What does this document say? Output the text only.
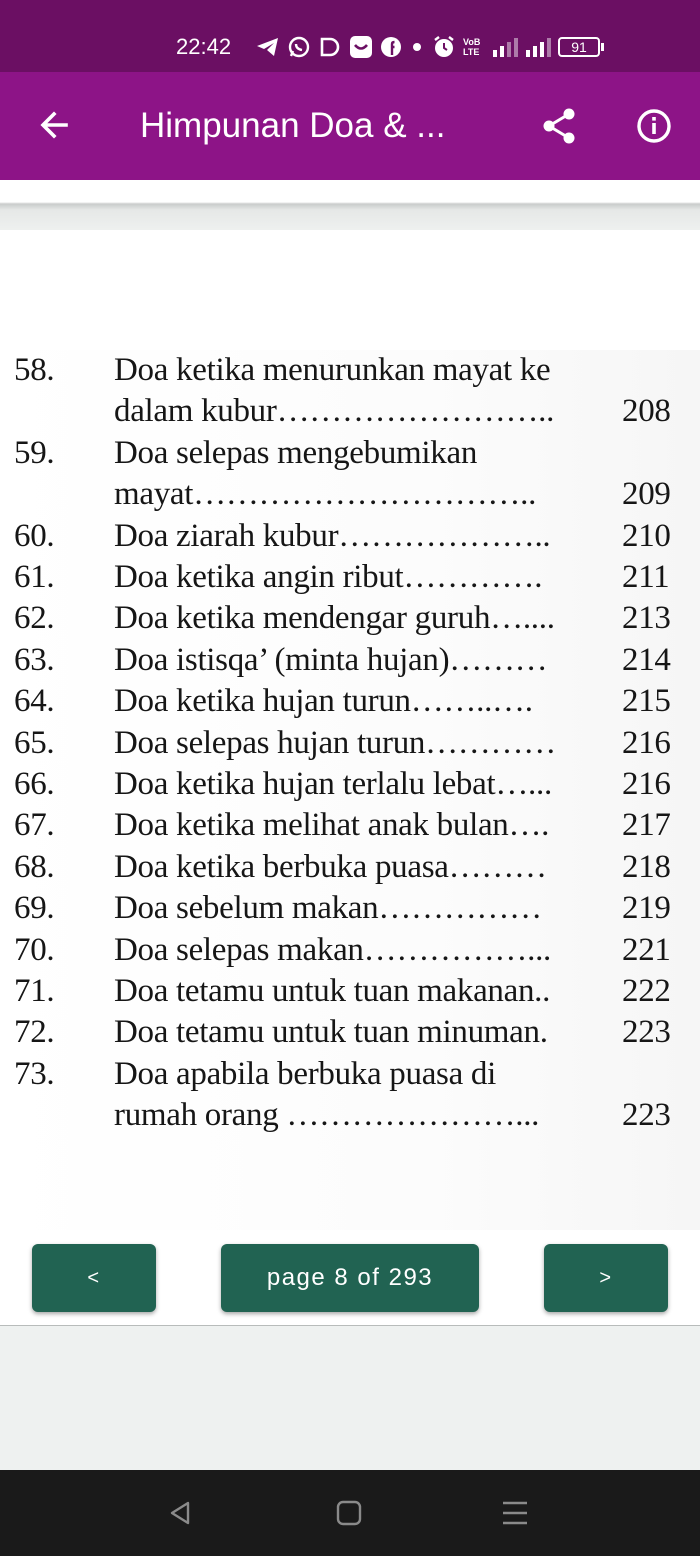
22:42	VoB LTE	91
Himpunan Doa & ...
58. Doa ketika menurunkan mayat ke
dalam kubur…………………….. 208
59. Doa selepas mengebumikan
mayat…………………………..	209
60. Doa ziarah kubur……………….. 210
61. Doa ketika angin ribut…………. 211
62. Doa ketika mendengar guruh….... 213
63. Doa istisqa’ (minta hujan)……… 214
64. Doa ketika hujan turun……..….	215
65. Doa selepas hujan turun………… 216
66. Doa ketika hujan terlalu lebat…... 216
67. Doa ketika melihat anak bulan…. 217
68. Doa ketika berbuka puasa……… 218
69. Doa sebelum makan…………… 219
70. Doa selepas makan……………... 221
71. Doa tetamu untuk tuan makanan.. 222
72. Doa tetamu untuk tuan minuman. 223
73. Doa apabila berbuka puasa di
rumah orang …………………...	223
<	page 8 of 293	>
